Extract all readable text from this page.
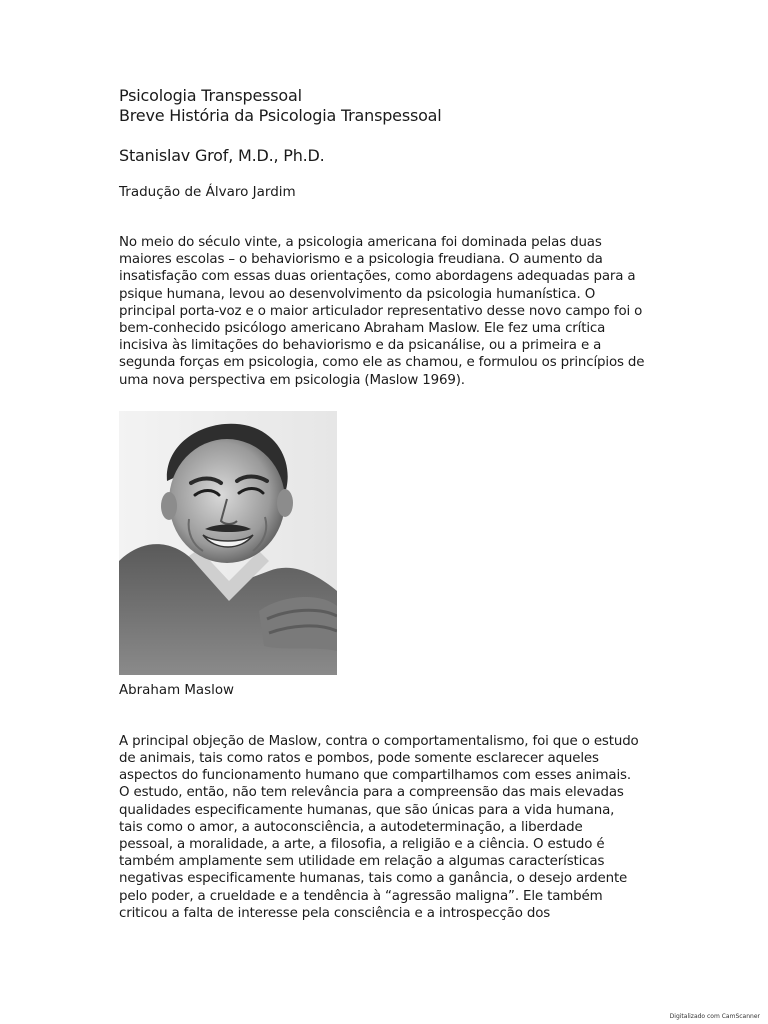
Psicologia Transpessoal
Breve História da Psicologia Transpessoal
Stanislav Grof, M.D., Ph.D.
Tradução de Álvaro Jardim

No meio do século vinte, a psicologia americana foi dominada pelas duas maiores escolas – o behaviorismo e a psicologia freudiana. O aumento da insatisfação com essas duas orientações, como abordagens adequadas para a psique humana, levou ao desenvolvimento da psicologia humanística. O principal porta-voz e o maior articulador representativo desse novo campo foi o bem-conhecido psicólogo americano Abraham Maslow. Ele fez uma crítica incisiva às limitações do behaviorismo e da psicanálise, ou a primeira e a segunda forças em psicologia, como ele as chamou, e formulou os princípios de uma nova perspectiva em psicologia (Maslow 1969).

Abraham Maslow

A principal objeção de Maslow, contra o comportamentalismo, foi que o estudo de animais, tais como ratos e pombos, pode somente esclarecer aqueles aspectos do funcionamento humano que compartilhamos com esses animais. O estudo, então, não tem relevância para a compreensão das mais elevadas qualidades especificamente humanas, que são únicas para a vida humana, tais como o amor, a autoconsciência, a autodeterminação, a liberdade pessoal, a moralidade, a arte, a filosofia, a religião e a ciência. O estudo é também amplamente sem utilidade em relação a algumas características negativas especificamente humanas, tais como a ganância, o desejo ardente pelo poder, a crueldade e a tendência à “agressão maligna”. Ele também criticou a falta de interesse pela consciência e a introspecção dos

Digitalizado com CamScanner
